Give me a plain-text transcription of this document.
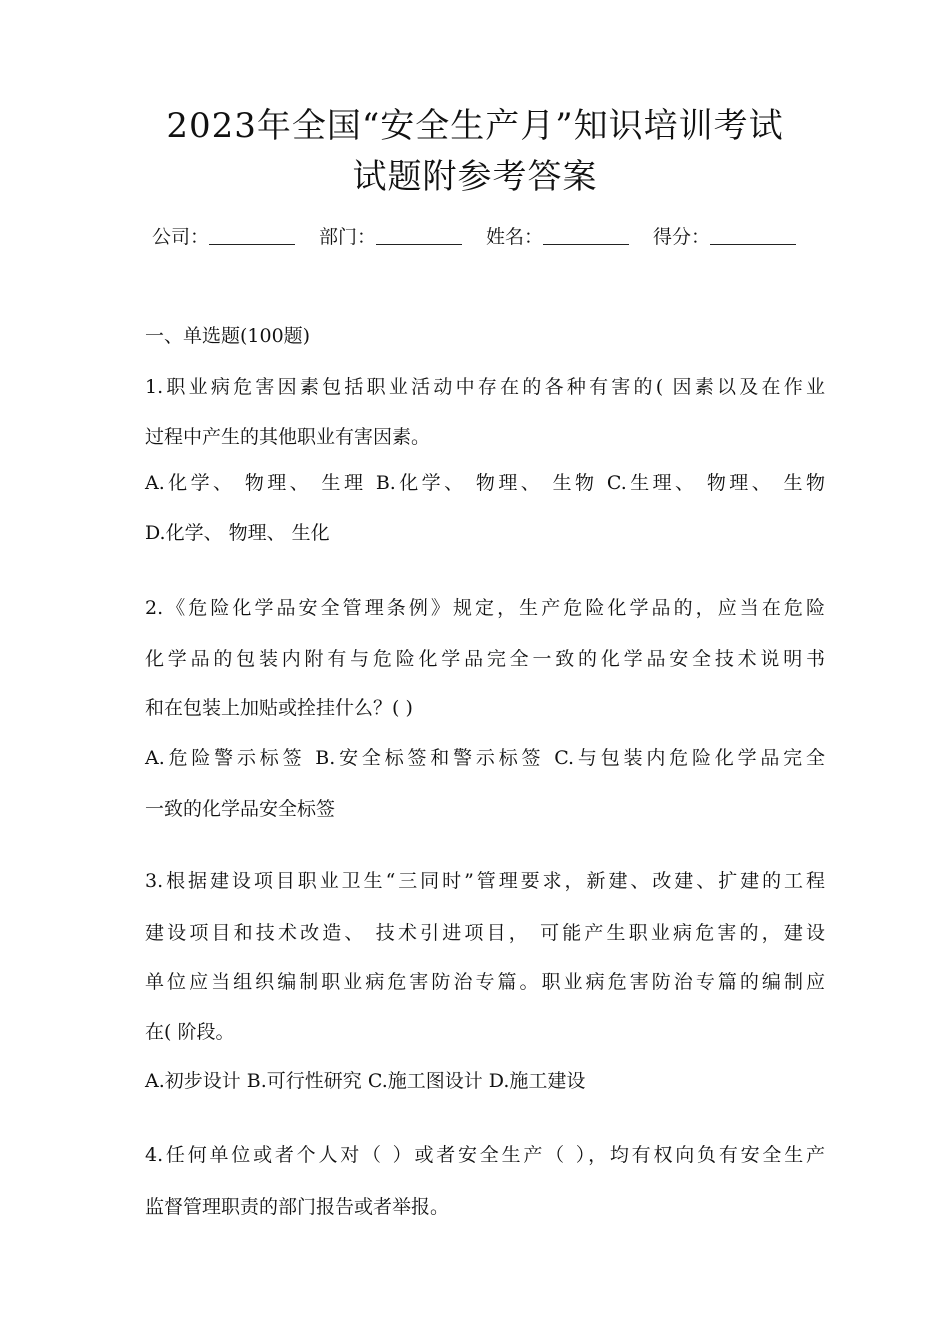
2023年全国“安全生产月”知识培训考试
试题附参考答案
公司：	部门：	姓名：	得分：
一、单选题(100题)
1.职业病危害因素包括职业活动中存在的各种有害的( 因素以及在作业
过程中产生的其他职业有害因素。
A.化学、 物理、 生理 B.化学、 物理、 生物 C.生理、 物理、 生物
D.化学、 物理、 生化
2.《危险化学品安全管理条例》规定，生产危险化学品的，应当在危险
化学品的包装内附有与危险化学品完全一致的化学品安全技术说明书
和在包装上加贴或拴挂什么？( )
A.危险警示标签 B.安全标签和警示标签 C.与包装内危险化学品完全
一致的化学品安全标签
3.根据建设项目职业卫生“三同时”管理要求，新建、改建、扩建的工程
建设项目和技术改造、 技术引进项目， 可能产生职业病危害的，建设
单位应当组织编制职业病危害防治专篇。职业病危害防治专篇的编制应
在( 阶段。
A.初步设计 B.可行性研究 C.施工图设计 D.施工建设
4.任何单位或者个人对（ ）或者安全生产（ ），均有权向负有安全生产
监督管理职责的部门报告或者举报。
